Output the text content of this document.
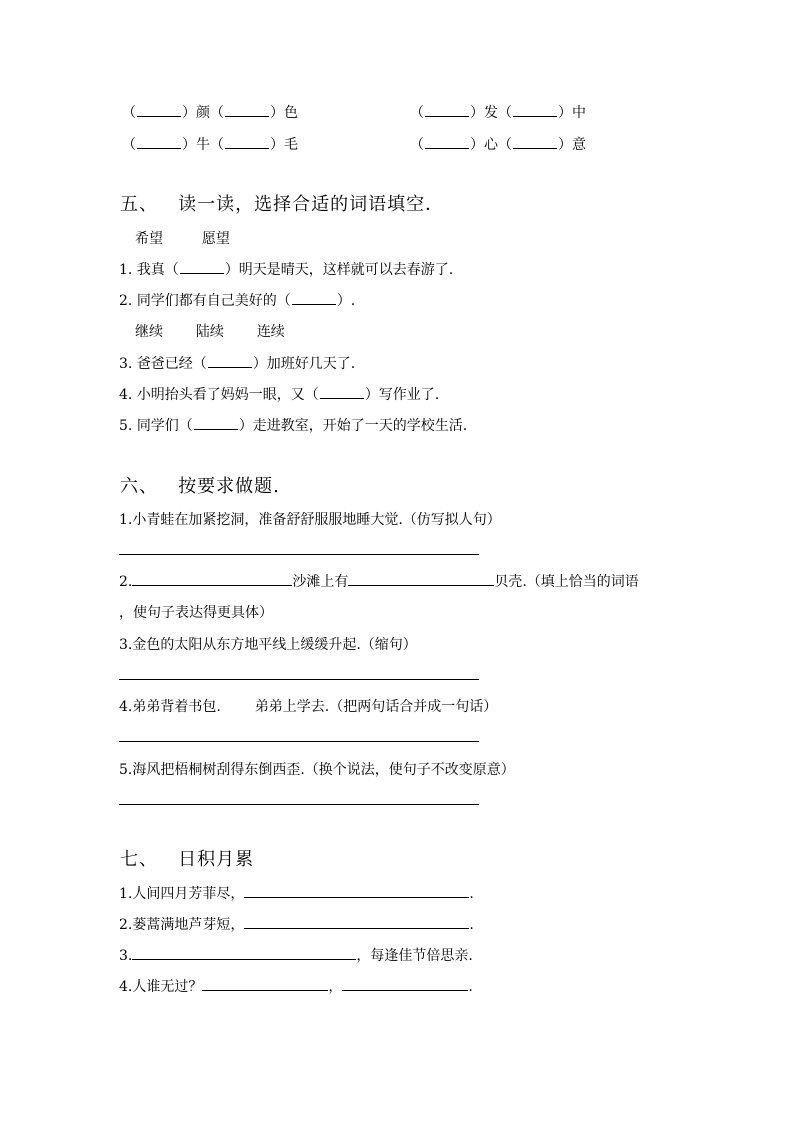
（	）颜（	）色	（	）发（	）中
（	）牛（	）毛	（	）心（	）意
五、 读一读，选择合适的词语填空．
希望	愿望
1. 我真（	）明天是晴天，这样就可以去春游了.
2. 同学们都有自己美好的（	）.
继续 陆续 连续
3. 爸爸已经（	）加班好几天了.
4. 小明抬头看了妈妈一眼，又（	）写作业了.
5. 同学们（	）走进教室，开始了一天的学校生活.
六、 按要求做题.
1.小青蛙在加紧挖洞，准备舒舒服服地睡大觉.（仿写拟人句）
2.	沙滩上有	贝壳.（填上恰当的词语
，使句子表达得更具体）
3.金色的太阳从东方地平线上缓缓升起.（缩句）
4.弟弟背着书包. 弟弟上学去.（把两句话合并成一句话）
5.海风把梧桐树刮得东倒西歪.（换个说法，使句子不改变原意）
七、 日积月累
1.人间四月芳菲尽，	.
2.蒌蒿满地芦芽短，	.
3.	，每逢佳节倍思亲.
4.人谁无过？	，	.
